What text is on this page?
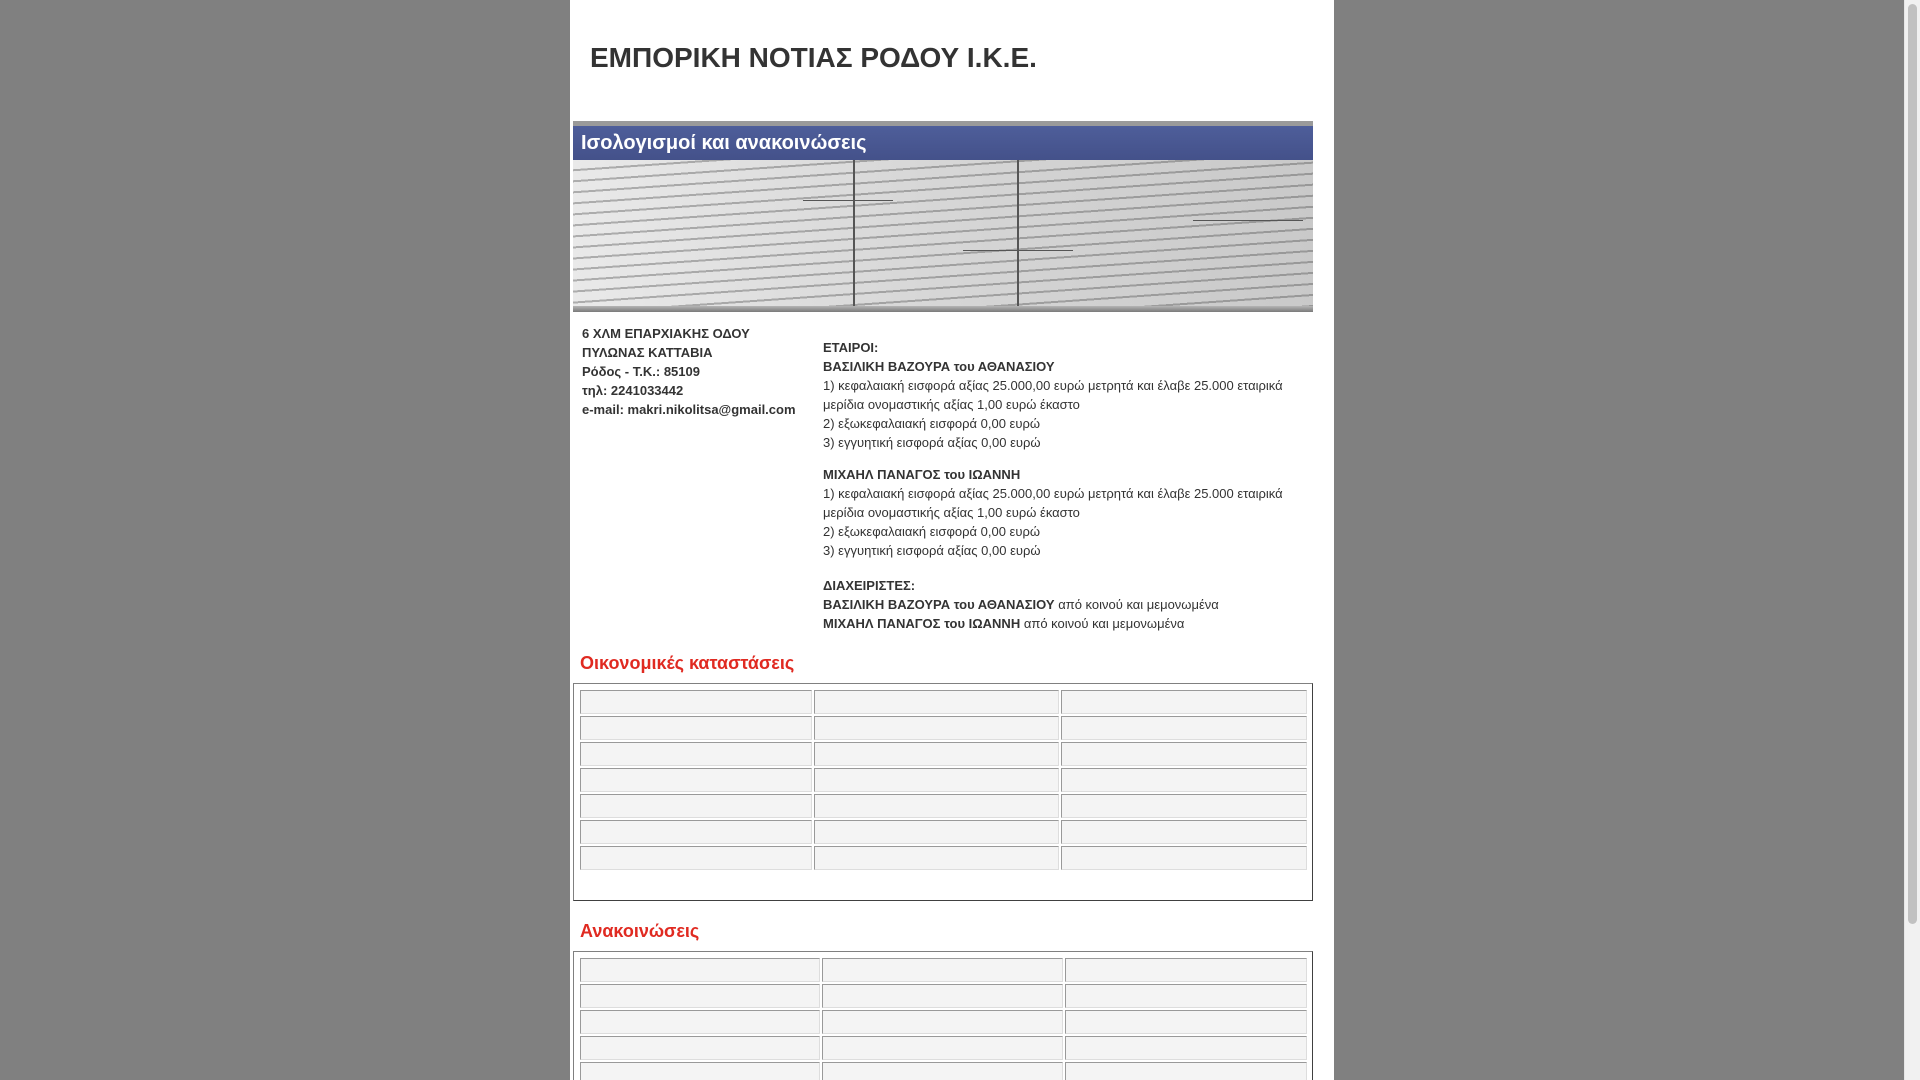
ΕΜΠΟΡΙΚΗ ΝΟΤΙΑΣ ΡΟΔΟΥ Ι.Κ.Ε.
Ισολογισμοί και ανακοινώσεις
6 ΧΛΜ ΕΠΑΡΧΙΑΚΗΣ ΟΔΟΥ
ΠΥΛΩΝΑΣ ΚΑΤΤΑΒΙΑ
Ρόδος - Τ.Κ.: 85109
τηλ: 2241033442
e-mail: makri.nikolitsa@gmail.com
ΕΤΑΙΡΟΙ:
ΒΑΣΙΛΙΚΗ ΒΑΖΟΥΡΑ του ΑΘΑΝΑΣΙΟΥ
1) κεφαλαιακή εισφορά αξίας 25.000,00 ευρώ μετρητά και έλαβε 25.000 εταιρικά μερίδια ονομαστικής αξίας 1,00 ευρώ έκαστο
2) εξωκεφαλαιακή εισφορά 0,00 ευρώ
3) εγγυητική εισφορά αξίας 0,00 ευρώ
ΜΙΧΑΗΛ ΠΑΝΑΓΟΣ του ΙΩΑΝΝΗ
1) κεφαλαιακή εισφορά αξίας 25.000,00 ευρώ μετρητά και έλαβε 25.000 εταιρικά μερίδια ονομαστικής αξίας 1,00 ευρώ έκαστο
2) εξωκεφαλαιακή εισφορά 0,00 ευρώ
3) εγγυητική εισφορά αξίας 0,00 ευρώ
ΔΙΑΧΕΙΡΙΣΤΕΣ:
ΒΑΣΙΛΙΚΗ ΒΑΖΟΥΡΑ του ΑΘΑΝΑΣΙΟΥ από κοινού και μεμονωμένα
ΜΙΧΑΗΛ ΠΑΝΑΓΟΣ του ΙΩΑΝΝΗ από κοινού και μεμονωμένα
Οικονομικές καταστάσεις

Ανακοινώσεις
